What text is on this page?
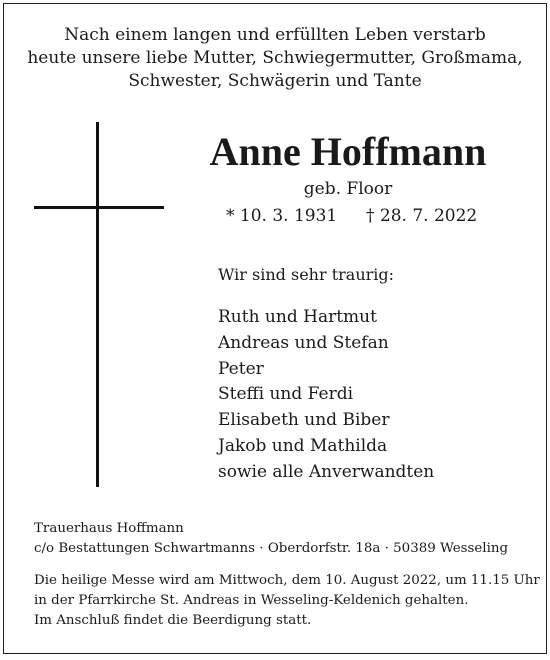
Nach einem langen und erfüllten Leben verstarb
heute unsere liebe Mutter, Schwiegermutter, Großmama,
Schwester, Schwägerin und Tante
Anne Hoffmann
geb. Floor
* 10. 3. 1931 † 28. 7. 2022
Wir sind sehr traurig:
Ruth und Hartmut
Andreas und Stefan
Peter
Steffi und Ferdi
Elisabeth und Biber
Jakob und Mathilda
sowie alle Anverwandten
Trauerhaus Hoffmann
c/o Bestattungen Schwartmanns · Oberdorfstr. 18a · 50389 Wesseling
Die heilige Messe wird am Mittwoch, dem 10. August 2022, um 11.15 Uhr
in der Pfarrkirche St. Andreas in Wesseling-Keldenich gehalten.
Im Anschluß findet die Beerdigung statt.
